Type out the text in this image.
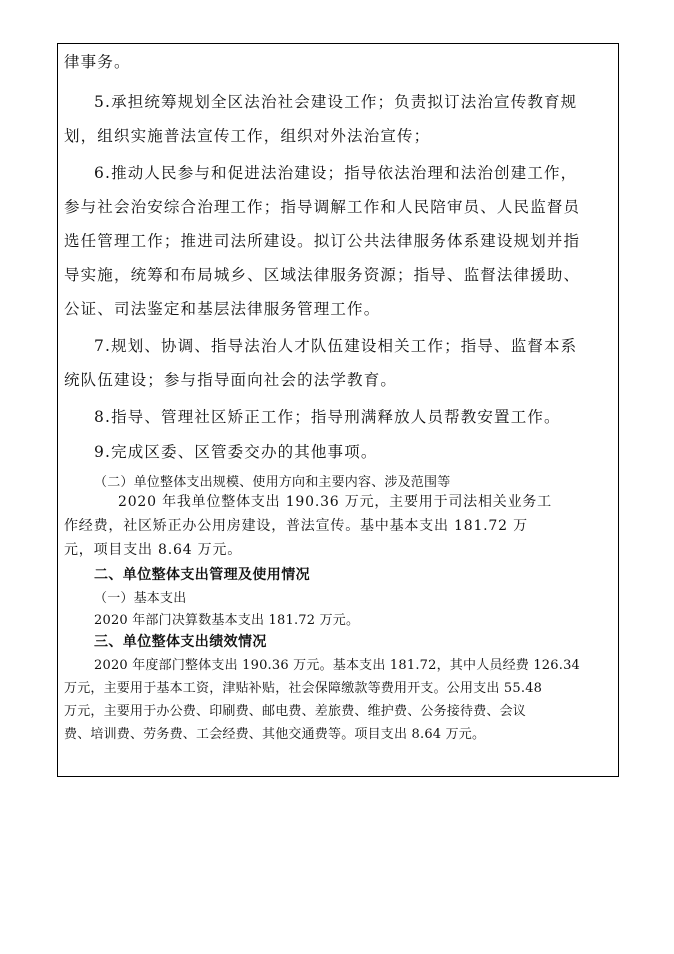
律事务。
5.承担统筹规划全区法治社会建设工作；负责拟订法治宣传教育规
划，组织实施普法宣传工作，组织对外法治宣传；
6.推动人民参与和促进法治建设；指导依法治理和法治创建工作，
参与社会治安综合治理工作；指导调解工作和人民陪审员、人民监督员
选任管理工作；推进司法所建设。拟订公共法律服务体系建设规划并指
导实施，统筹和布局城乡、区域法律服务资源；指导、监督法律援助、
公证、司法鉴定和基层法律服务管理工作。
7.规划、协调、指导法治人才队伍建设相关工作；指导、监督本系
统队伍建设；参与指导面向社会的法学教育。
8.指导、管理社区矫正工作；指导刑满释放人员帮教安置工作。
9.完成区委、区管委交办的其他事项。
（二）单位整体支出规模、使用方向和主要内容、涉及范围等
2020 年我单位整体支出 190.36 万元，主要用于司法相关业务工
作经费，社区矫正办公用房建设，普法宣传。基中基本支出 181.72 万
元，项目支出 8.64 万元。
二、单位整体支出管理及使用情况
（一）基本支出
2020 年部门决算数基本支出 181.72 万元。
三、单位整体支出绩效情况
2020 年度部门整体支出 190.36 万元。基本支出 181.72，其中人员经费 126.34
万元，主要用于基本工资，津贴补贴，社会保障缴款等费用开支。公用支出 55.48
万元，主要用于办公费、印刷费、邮电费、差旅费、维护费、公务接待费、会议
费、培训费、劳务费、工会经费、其他交通费等。项目支出 8.64 万元。
